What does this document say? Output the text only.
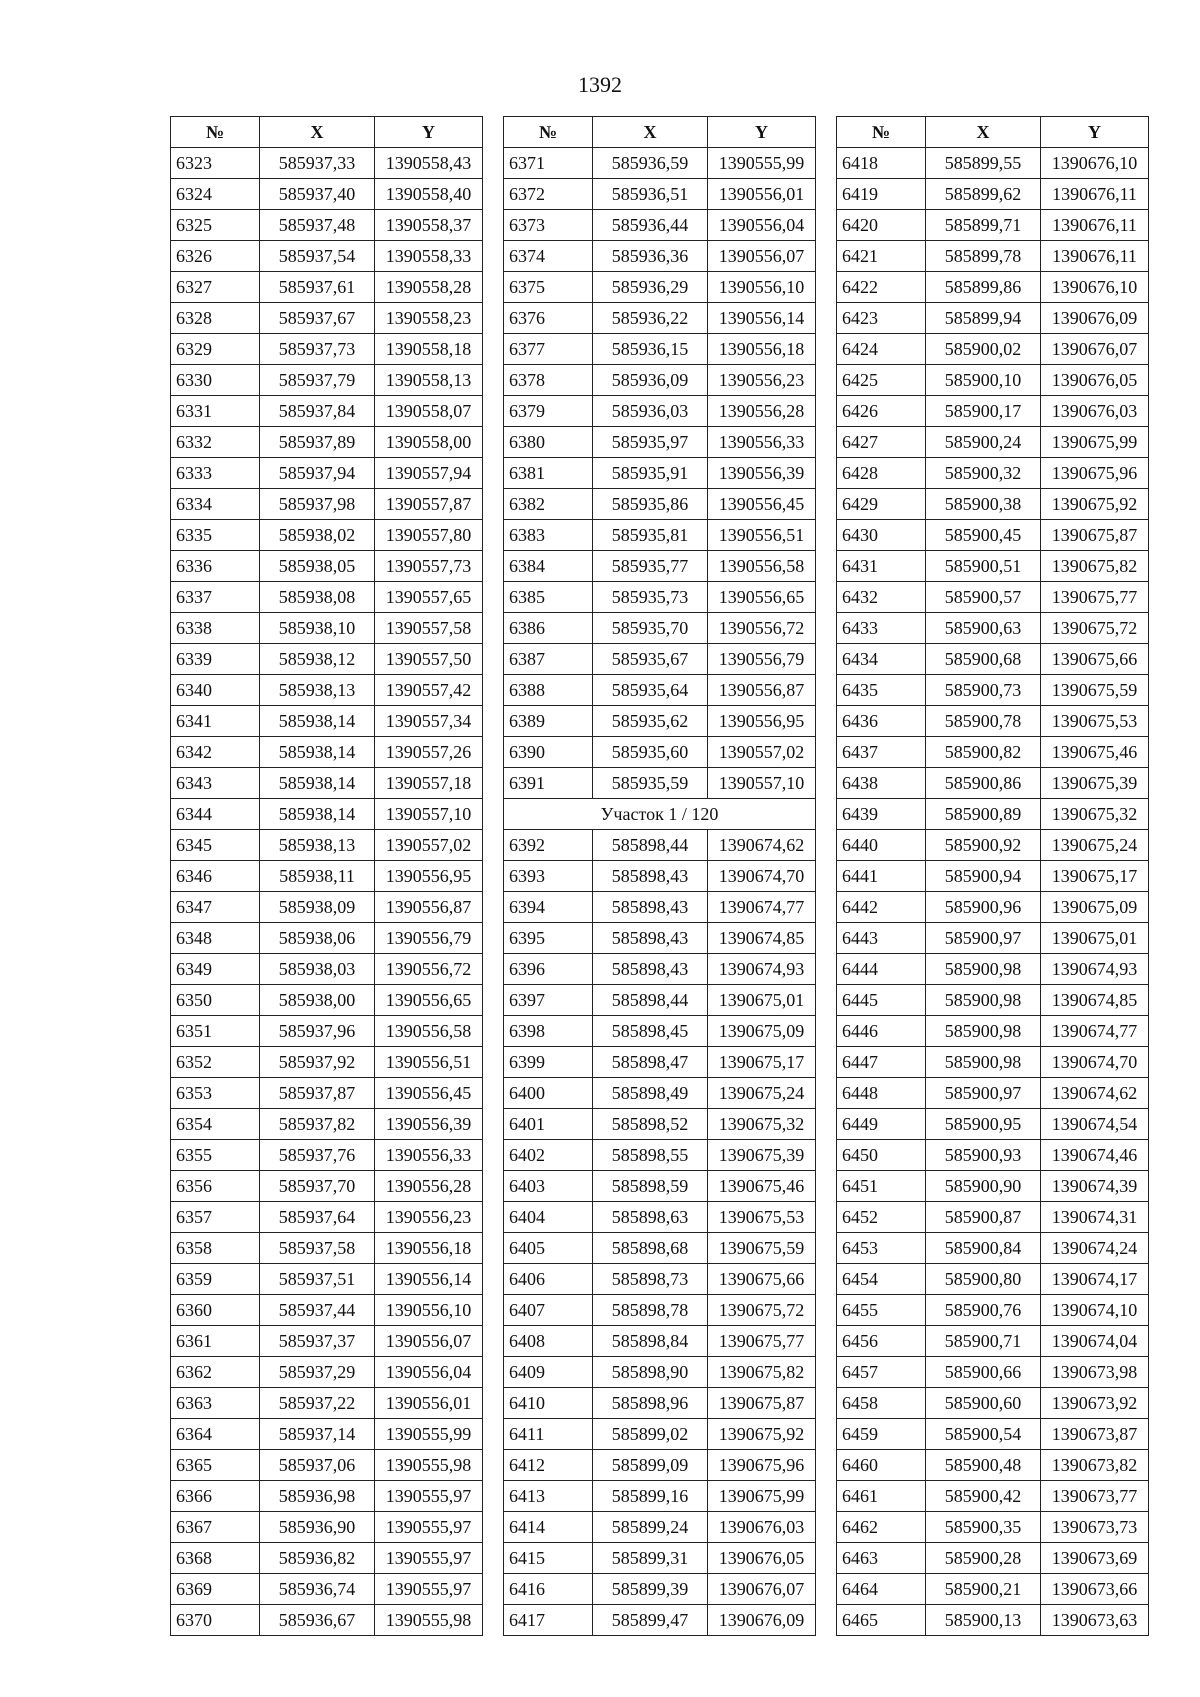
1392
№	X	Y
6323	585937,33	1390558,43
6324	585937,40	1390558,40
6325	585937,48	1390558,37
6326	585937,54	1390558,33
6327	585937,61	1390558,28
6328	585937,67	1390558,23
6329	585937,73	1390558,18
6330	585937,79	1390558,13
6331	585937,84	1390558,07
6332	585937,89	1390558,00
6333	585937,94	1390557,94
6334	585937,98	1390557,87
6335	585938,02	1390557,80
6336	585938,05	1390557,73
6337	585938,08	1390557,65
6338	585938,10	1390557,58
6339	585938,12	1390557,50
6340	585938,13	1390557,42
6341	585938,14	1390557,34
6342	585938,14	1390557,26
6343	585938,14	1390557,18
6344	585938,14	1390557,10
6345	585938,13	1390557,02
6346	585938,11	1390556,95
6347	585938,09	1390556,87
6348	585938,06	1390556,79
6349	585938,03	1390556,72
6350	585938,00	1390556,65
6351	585937,96	1390556,58
6352	585937,92	1390556,51
6353	585937,87	1390556,45
6354	585937,82	1390556,39
6355	585937,76	1390556,33
6356	585937,70	1390556,28
6357	585937,64	1390556,23
6358	585937,58	1390556,18
6359	585937,51	1390556,14
6360	585937,44	1390556,10
6361	585937,37	1390556,07
6362	585937,29	1390556,04
6363	585937,22	1390556,01
6364	585937,14	1390555,99
6365	585937,06	1390555,98
6366	585936,98	1390555,97
6367	585936,90	1390555,97
6368	585936,82	1390555,97
6369	585936,74	1390555,97
6370	585936,67	1390555,98
№	X	Y
6371	585936,59	1390555,99
6372	585936,51	1390556,01
6373	585936,44	1390556,04
6374	585936,36	1390556,07
6375	585936,29	1390556,10
6376	585936,22	1390556,14
6377	585936,15	1390556,18
6378	585936,09	1390556,23
6379	585936,03	1390556,28
6380	585935,97	1390556,33
6381	585935,91	1390556,39
6382	585935,86	1390556,45
6383	585935,81	1390556,51
6384	585935,77	1390556,58
6385	585935,73	1390556,65
6386	585935,70	1390556,72
6387	585935,67	1390556,79
6388	585935,64	1390556,87
6389	585935,62	1390556,95
6390	585935,60	1390557,02
6391	585935,59	1390557,10
Участок 1 / 120		
6392	585898,44	1390674,62
6393	585898,43	1390674,70
6394	585898,43	1390674,77
6395	585898,43	1390674,85
6396	585898,43	1390674,93
6397	585898,44	1390675,01
6398	585898,45	1390675,09
6399	585898,47	1390675,17
6400	585898,49	1390675,24
6401	585898,52	1390675,32
6402	585898,55	1390675,39
6403	585898,59	1390675,46
6404	585898,63	1390675,53
6405	585898,68	1390675,59
6406	585898,73	1390675,66
6407	585898,78	1390675,72
6408	585898,84	1390675,77
6409	585898,90	1390675,82
6410	585898,96	1390675,87
6411	585899,02	1390675,92
6412	585899,09	1390675,96
6413	585899,16	1390675,99
6414	585899,24	1390676,03
6415	585899,31	1390676,05
6416	585899,39	1390676,07
6417	585899,47	1390676,09
№	X	Y
6418	585899,55	1390676,10
6419	585899,62	1390676,11
6420	585899,71	1390676,11
6421	585899,78	1390676,11
6422	585899,86	1390676,10
6423	585899,94	1390676,09
6424	585900,02	1390676,07
6425	585900,10	1390676,05
6426	585900,17	1390676,03
6427	585900,24	1390675,99
6428	585900,32	1390675,96
6429	585900,38	1390675,92
6430	585900,45	1390675,87
6431	585900,51	1390675,82
6432	585900,57	1390675,77
6433	585900,63	1390675,72
6434	585900,68	1390675,66
6435	585900,73	1390675,59
6436	585900,78	1390675,53
6437	585900,82	1390675,46
6438	585900,86	1390675,39
6439	585900,89	1390675,32
6440	585900,92	1390675,24
6441	585900,94	1390675,17
6442	585900,96	1390675,09
6443	585900,97	1390675,01
6444	585900,98	1390674,93
6445	585900,98	1390674,85
6446	585900,98	1390674,77
6447	585900,98	1390674,70
6448	585900,97	1390674,62
6449	585900,95	1390674,54
6450	585900,93	1390674,46
6451	585900,90	1390674,39
6452	585900,87	1390674,31
6453	585900,84	1390674,24
6454	585900,80	1390674,17
6455	585900,76	1390674,10
6456	585900,71	1390674,04
6457	585900,66	1390673,98
6458	585900,60	1390673,92
6459	585900,54	1390673,87
6460	585900,48	1390673,82
6461	585900,42	1390673,77
6462	585900,35	1390673,73
6463	585900,28	1390673,69
6464	585900,21	1390673,66
6465	585900,13	1390673,63
